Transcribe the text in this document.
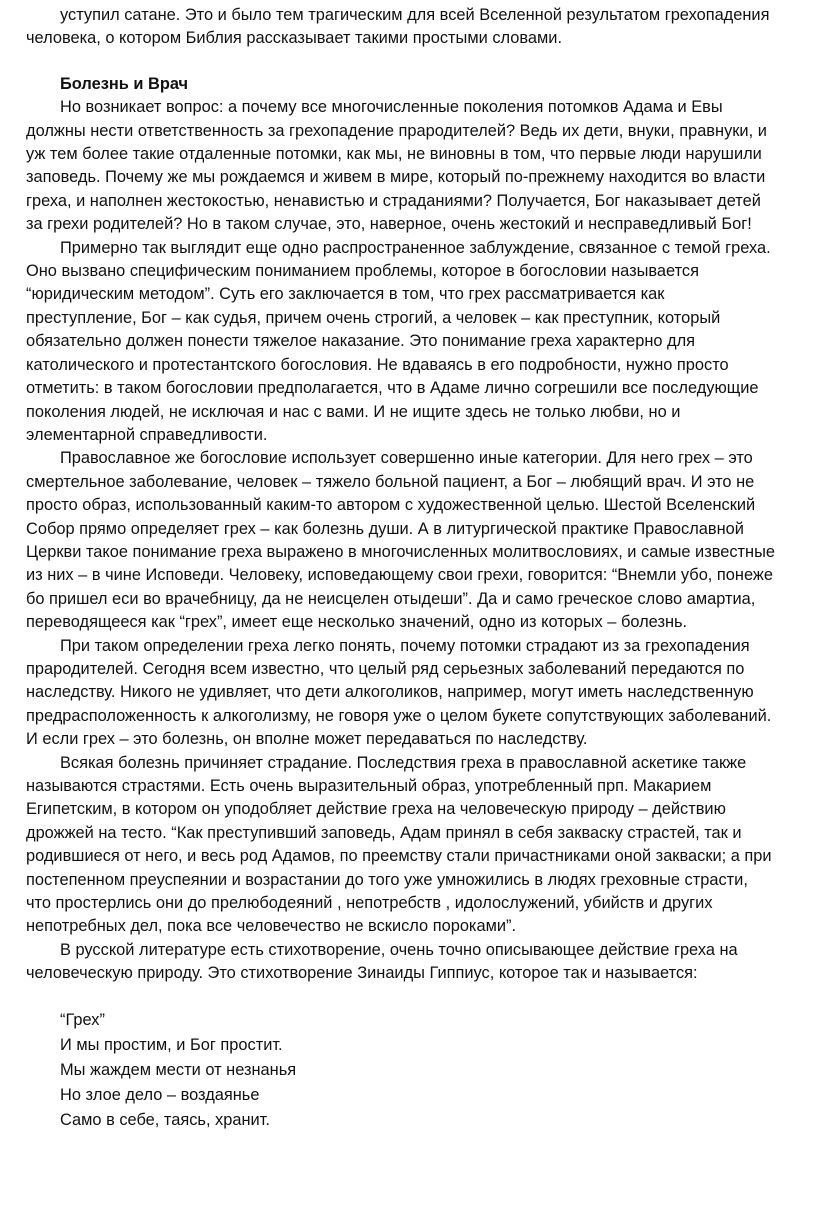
уступил сатане. Это и было тем трагическим для всей Вселенной результатом грехопадения человека, о котором Библия рассказывает такими простыми словами.

Болезнь и Врач

Но возникает вопрос: а почему все многочисленные поколения потомков Адама и Евы должны нести ответственность за грехопадение прародителей? Ведь их дети, внуки, правнуки, и уж тем более такие отдаленные потомки, как мы, не виновны в том, что первые люди нарушили заповедь. Почему же мы рождаемся и живем в мире, который по-прежнему находится во власти греха, и наполнен жестокостью, ненавистью и страданиями? Получается, Бог наказывает детей за грехи родителей? Но в таком случае, это, наверное, очень жестокий и несправедливый Бог!

Примерно так выглядит еще одно распространенное заблуждение, связанное с темой греха. Оно вызвано специфическим пониманием проблемы, которое в богословии называется “юридическим методом”. Суть его заключается в том, что грех рассматривается как преступление, Бог – как судья, причем очень строгий, а человек – как преступник, который обязательно должен понести тяжелое наказание. Это понимание греха характерно для католического и протестантского богословия. Не вдаваясь в его подробности, нужно просто отметить: в таком богословии предполагается, что в Адаме лично согрешили все последующие поколения людей, не исключая и нас с вами. И не ищите здесь не только любви, но и элементарной справедливости.

Православное же богословие использует совершенно иные категории. Для него грех – это смертельное заболевание, человек – тяжело больной пациент, а Бог – любящий врач. И это не просто образ, использованный каким-то автором с художественной целью. Шестой Вселенский Собор прямо определяет грех – как болезнь души. А в литургической практике Православной Церкви такое понимание греха выражено в многочисленных молитвословиях, и самые известные из них – в чине Исповеди. Человеку, исповедающему свои грехи, говорится: “Внемли убо, понеже бо пришел еси во врачебницу, да не неисцелен отыдеши”. Да и само греческое слово амартиа, переводящееся как “грех”, имеет еще несколько значений, одно из которых – болезнь.

При таком определении греха легко понять, почему потомки страдают из за грехопадения прародителей. Сегодня всем известно, что целый ряд серьезных заболеваний передаются по наследству. Никого не удивляет, что дети алкоголиков, например, могут иметь наследственную предрасположенность к алкоголизму, не говоря уже о целом букете сопутствующих заболеваний. И если грех – это болезнь, он вполне может передаваться по наследству.

Всякая болезнь причиняет страдание. Последствия греха в православной аскетике также называются страстями. Есть очень выразительный образ, употребленный прп. Макарием Египетским, в котором он уподобляет действие греха на человеческую природу – действию дрожжей на тесто. “Как преступивший заповедь, Адам принял в себя закваску страстей, так и родившиеся от него, и весь род Адамов, по преемству стали причастниками оной закваски; а при постепенном преуспеянии и возрастании до того уже умножились в людях греховные страсти, что простерлись они до прелюбодеяний , непотребств , идолослужений, убийств и других непотребных дел, пока все человечество не вскисло пороками”.

В русской литературе есть стихотворение, очень точно описывающее действие греха на человеческую природу. Это стихотворение Зинаиды Гиппиус, которое так и называется:

“Грех”
И мы простим, и Бог простит.
Мы жаждем мести от незнанья
Но злое дело – воздаянье
Само в себе, таясь, хранит.
